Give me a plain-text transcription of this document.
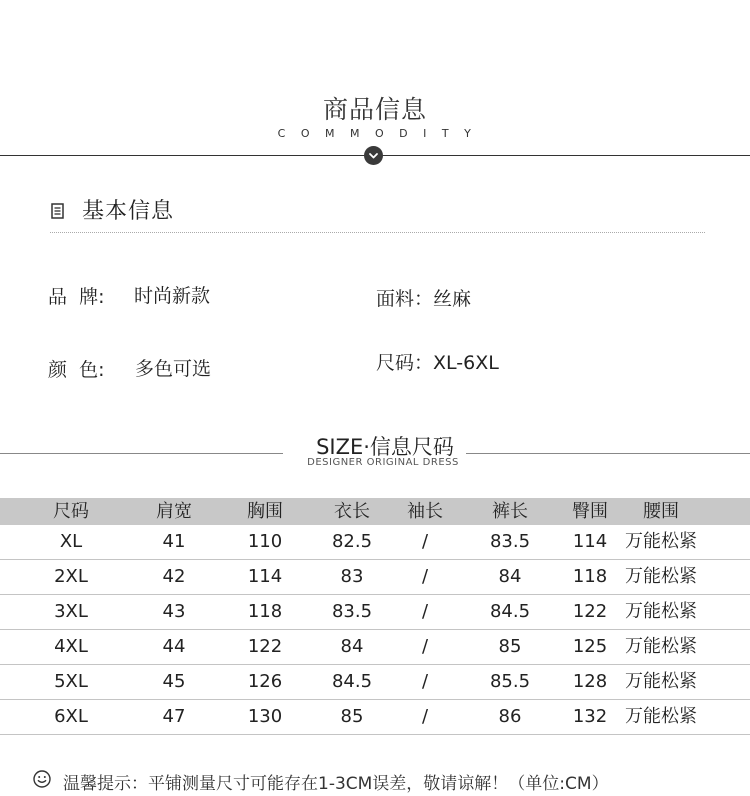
商品信息
COMMODITY
基本信息
品  牌: 时尚新款	面料：丝麻
颜  色: 多色可选	尺码：XL-6XL
SIZE·信息尺码
DESIGNER ORIGINAL DRESS
尺码	肩宽	胸围	衣长 袖长	裤长 臀围 腰围
XL	41	110	82.5	/	83.5 114 万能松紧
2XL	42	114	83	/	84	118 万能松紧
3XL	43	118	83.5	/	84.5 122 万能松紧
4XL	44	122	84	/	85	125 万能松紧
5XL	45	126	84.5	/	85.5 128 万能松紧
6XL	47	130	85	/	86	132 万能松紧
温馨提示：平铺测量尺寸可能存在1-3CM误差，敬请谅解！（单位:CM）
